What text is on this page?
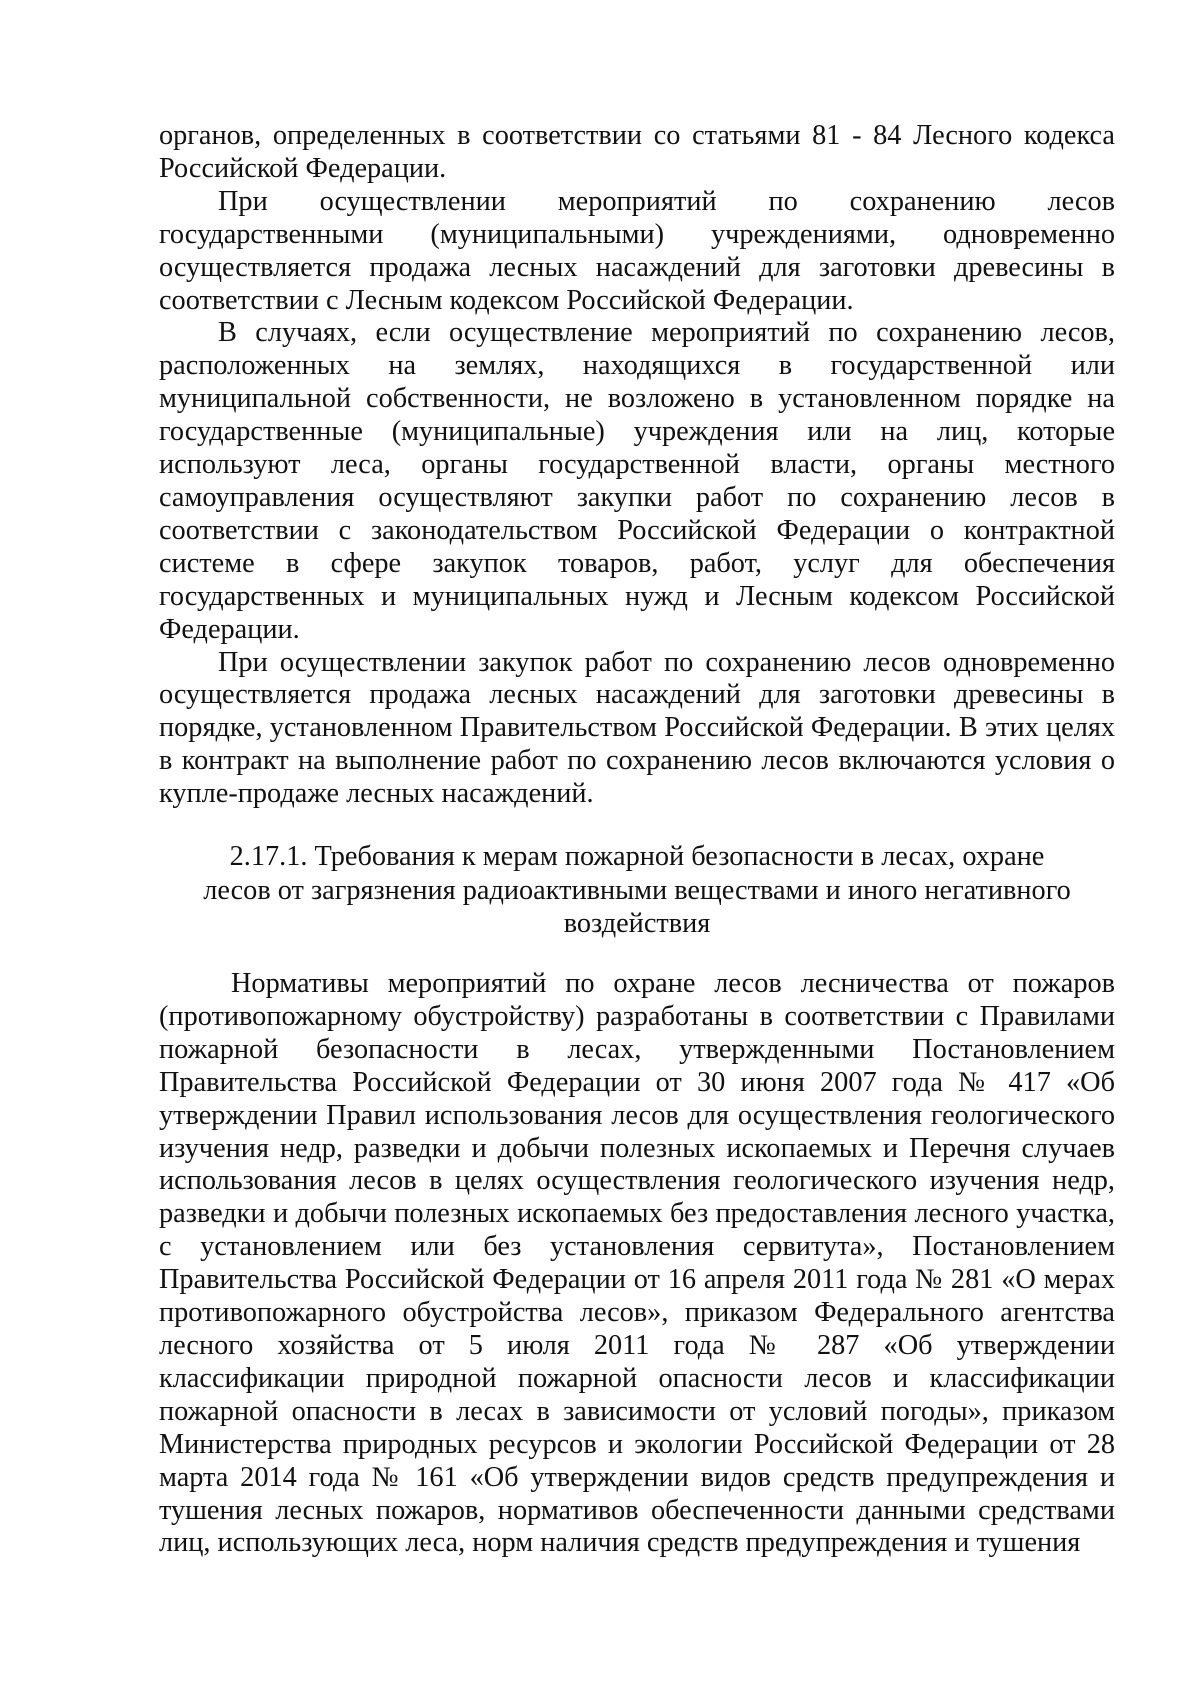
органов, определенных в соответствии со статьями 81 - 84 Лесного кодекса Российской Федерации.

При осуществлении мероприятий по сохранению лесов государственными (муниципальными) учреждениями, одновременно осуществляется продажа лесных насаждений для заготовки древесины в соответствии с Лесным кодексом Российской Федерации.

В случаях, если осуществление мероприятий по сохранению лесов, расположенных на землях, находящихся в государственной или муниципальной собственности, не возложено в установленном порядке на государственные (муниципальные) учреждения или на лиц, которые используют леса, органы государственной власти, органы местного самоуправления осуществляют закупки работ по сохранению лесов в соответствии с законодательством Российской Федерации о контрактной системе в сфере закупок товаров, работ, услуг для обеспечения государственных и муниципальных нужд и Лесным кодексом Российской Федерации.

При осуществлении закупок работ по сохранению лесов одновременно осуществляется продажа лесных насаждений для заготовки древесины в порядке, установленном Правительством Российской Федерации. В этих целях в контракт на выполнение работ по сохранению лесов включаются условия о купле-продаже лесных насаждений.

2.17.1. Требования к мерам пожарной безопасности в лесах, охране
лесов от загрязнения радиоактивными веществами и иного негативного
воздействия

Нормативы мероприятий по охране лесов лесничества от пожаров (противопожарному обустройству) разработаны в соответствии с Правилами пожарной безопасности в лесах, утвержденными Постановлением Правительства Российской Федерации от 30 июня 2007 года № 417 «Об утверждении Правил использования лесов для осуществления геологического изучения недр, разведки и добычи полезных ископаемых и Перечня случаев использования лесов в целях осуществления геологического изучения недр, разведки и добычи полезных ископаемых без предоставления лесного участка, с установлением или без установления сервитута», Постановлением Правительства Российской Федерации от 16 апреля 2011 года № 281 «О мерах противопожарного обустройства лесов», приказом Федерального агентства лесного хозяйства от 5 июля 2011 года № 287 «Об утверждении классификации природной пожарной опасности лесов и классификации пожарной опасности в лесах в зависимости от условий погоды», приказом Министерства природных ресурсов и экологии Российской Федерации от 28 марта 2014 года № 161 «Об утверждении видов средств предупреждения и тушения лесных пожаров, нормативов обеспеченности данными средствами лиц, использующих леса, норм наличия средств предупреждения и тушения
